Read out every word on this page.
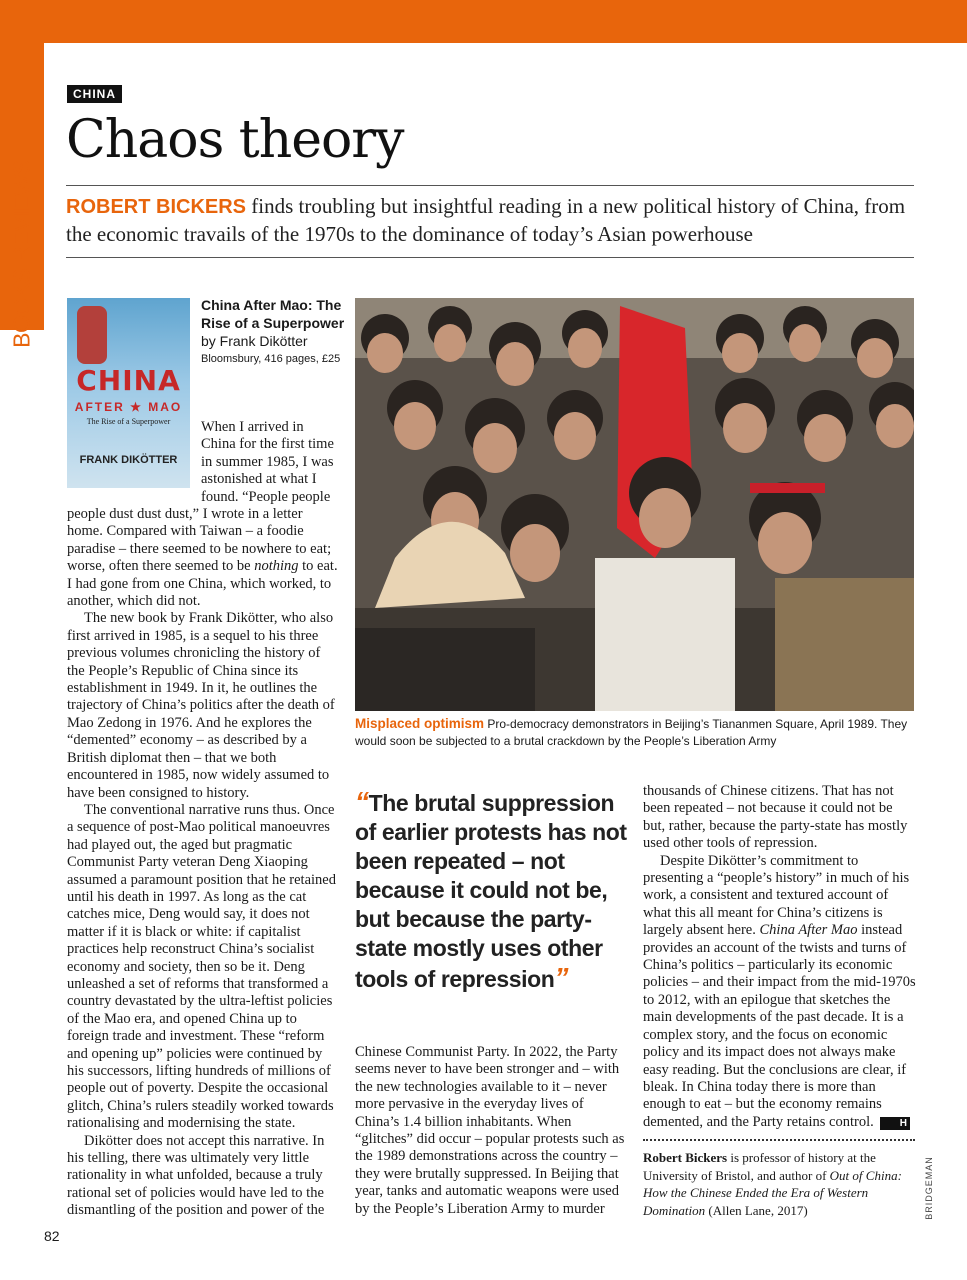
BOOKS REVIEWS
CHINA
Chaos theory
ROBERT BICKERS finds troubling but insightful reading in a new political history of China, from the economic travails of the 1970s to the dominance of today’s Asian powerhouse
CHINA
AFTER ★ MAO
The Rise of a Superpower
FRANK DIKÖTTER
China After Mao: The Rise of a Superpower
by Frank Dikötter
Bloomsbury, 416 pages, £25
Misplaced optimism Pro-democracy demonstrators in Beijing’s Tiananmen Square, April 1989. They would soon be subjected to a brutal crackdown by the People’s Liberation Army

When I arrived in China for the first time in summer 1985, I was astonished at what I found. “People people

people dust dust dust,” I wrote in a letter home. Compared with Taiwan – a foodie paradise – there seemed to be nowhere to eat; worse, often there seemed to be nothing to eat. I had gone from one China, which worked, to another, which did not.

The new book by Frank Dikötter, who also first arrived in 1985, is a sequel to his three previous volumes chronicling the history of the People’s Republic of China since its establishment in 1949. In it, he outlines the trajectory of China’s politics after the death of Mao Zedong in 1976. And he explores the “demented” economy – as described by a British diplomat then – that we both encountered in 1985, now widely assumed to have been consigned to history.

The conventional narrative runs thus. Once a sequence of post-Mao political manoeuvres had played out, the aged but pragmatic Communist Party veteran Deng Xiaoping assumed a paramount position that he retained until his death in 1997. As long as the cat catches mice, Deng would say, it does not matter if it is black or white: if capitalist practices help reconstruct China’s socialist economy and society, then so be it. Deng unleashed a set of reforms that transformed a country devastated by the ultra-leftist policies of the Mao era, and opened China up to foreign trade and investment. These “reform and opening up” policies were continued by his successors, lifting hundreds of millions of people out of poverty. Despite the occasional glitch, China’s rulers steadily worked towards rationalising and modernising the state.

Dikötter does not accept this narrative. In his telling, there was ultimately very little rationality in what unfolded, because a truly rational set of policies would have led to the dismantling of the position and power of the

“The brutal suppression of earlier protests has not been repeated – not because it could not be, but because the party-state mostly uses other tools of repression”

Chinese Communist Party. In 2022, the Party seems never to have been stronger and – with the new technologies available to it – never more pervasive in the everyday lives of China’s 1.4 billion inhabitants. When “glitches” did occur – popular protests such as the 1989 demonstrations across the country – they were brutally suppressed. In Beijing that year, tanks and automatic weapons were used by the People’s Liberation Army to murder

thousands of Chinese citizens. That has not been repeated – not because it could not be but, rather, because the party-state has mostly used other tools of repression.

Despite Dikötter’s commitment to presenting a “people’s history” in much of his work, a consistent and textured account of what this all meant for China’s citizens is largely absent here. China After Mao instead provides an account of the twists and turns of China’s politics – particularly its economic policies – and their impact from the mid-1970s to 2012, with an epilogue that sketches the main developments of the past decade. It is a complex story, and the focus on economic policy and its impact does not always make easy reading. But the conclusions are clear, if bleak. In China today there is more than enough to eat – but the economy remains demented, and the Party retains control.	H

Robert Bickers is professor of history at the University of Bristol, and author of Out of China: How the Chinese Ended the Era of Western Domination (Allen Lane, 2017)	BRIDGEMAN
82
